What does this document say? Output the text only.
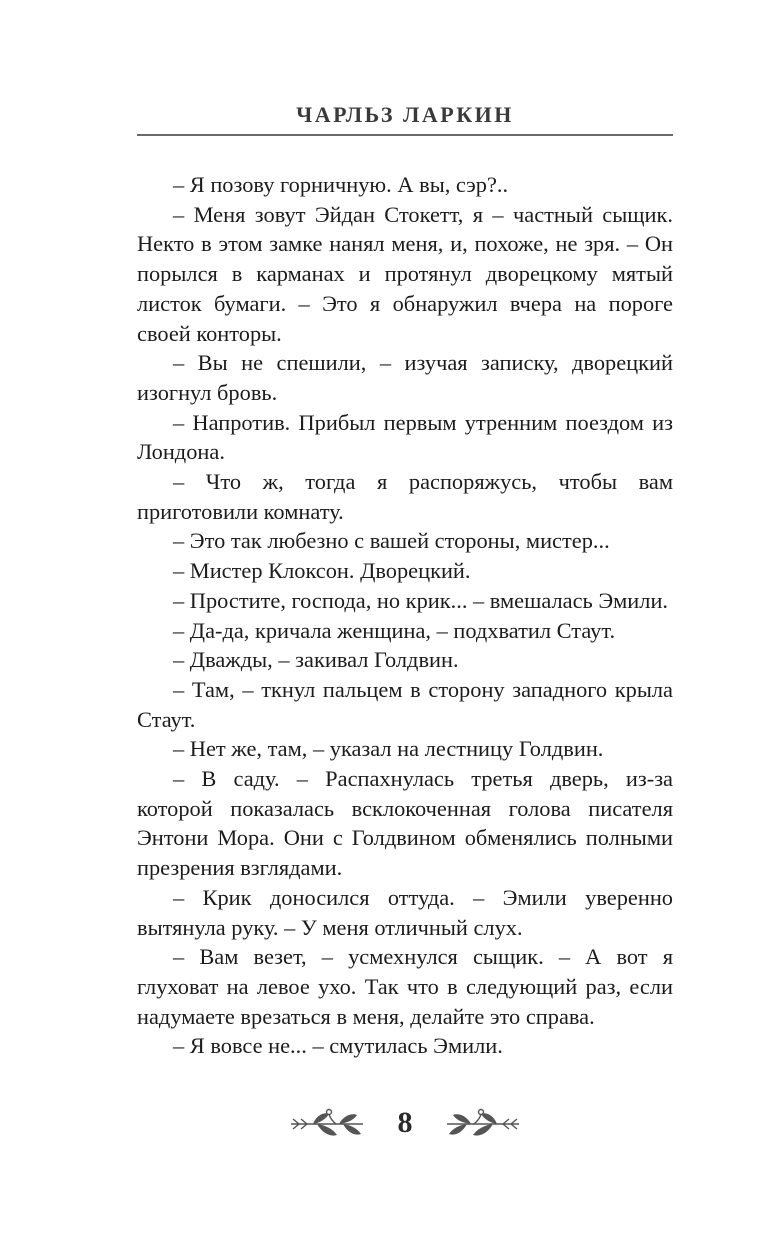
ЧАРЛЬЗ ЛАРКИН

– Я позову горничную. А вы, сэр?..

– Меня зовут Эйдан Стокетт, я – частный сыщик. Некто в этом замке нанял меня, и, похоже, не зря. – Он порылся в карманах и протянул дворецкому мятый листок бумаги. – Это я обнаружил вчера на пороге своей конторы.

– Вы не спешили, – изучая записку, дворецкий изогнул бровь.

– Напротив. Прибыл первым утренним поездом из Лондона.

– Что ж, тогда я распоряжусь, чтобы вам приготовили комнату.

– Это так любезно с вашей стороны, мистер...

– Мистер Клоксон. Дворецкий.

– Простите, господа, но крик... – вмешалась Эмили.

– Да-да, кричала женщина, – подхватил Стаут.

– Дважды, – закивал Голдвин.

– Там, – ткнул пальцем в сторону западного крыла Стаут.

– Нет же, там, – указал на лестницу Голдвин.

– В саду. – Распахнулась третья дверь, из-за которой показалась всклокоченная голова писателя Энтони Мора. Они с Голдвином обменялись полными презрения взглядами.

– Крик доносился оттуда. – Эмили уверенно вытянула руку. – У меня отличный слух.

– Вам везет, – усмехнулся сыщик. – А вот я глуховат на левое ухо. Так что в следующий раз, если надумаете врезаться в меня, делайте это справа.

– Я вовсе не... – смутилась Эмили.

8
